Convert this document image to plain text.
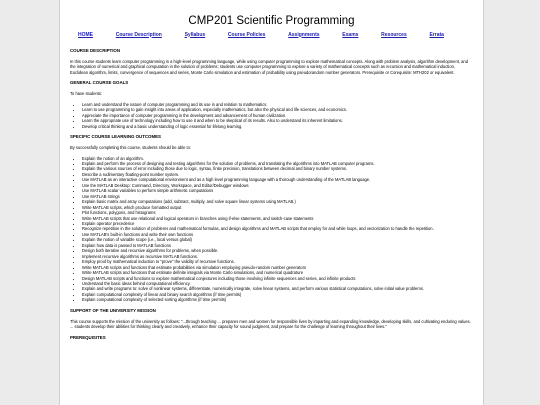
CMP201 Scientific Programming
HOME	Course Description	Syllabus	Course Policies	Assignments	Exams	Resources	Errata
COURSE DESCRIPTION

In this course students learn computer programming in a high-level programming language, while using computer programming to explore mathematical concepts. Along with problem analysis, algorithm development, and the integration of numerical and graphical computation in the solution of problems; students use computer programming to explore a variety of mathematical concepts such as recursion and mathematical induction, Euclidean algorithm, limits, convergence of sequences and series, Monte Carlo simulation and estimation of probability using pseudorandom number generators. Prerequisite or Corequisite: MTH202 or equivalent.

GENERAL COURSE GOALS

To have students:

• Learn and understand the nature of computer programming and its use in and relation to mathematics.
• Learn to use programming to gain insight into areas of application, especially mathematics, but also the physical and life sciences, and economics.
• Appreciate the importance of computer programming in the development and advancement of human civilization.
• Learn the appropriate use of technology including how to use it and when to be skeptical of its results. Also to understand its inherent limitations.
• Develop critical thinking and a basic understanding of logic essential for lifelong learning.
SPECIFIC COURSE LEARNING OUTCOMES

By successfully completing this course, students should be able to:

• Explain the notion of an algorithm.
• Explain and perform the process of designing and testing algorithms for the solution of problems, and translating the algorithms into MATLAB computer programs.
• Explain the various sources of error including those due to logic, syntax, finite precision, translations between decimal and binary number systems.
• Describe a rudimentary floating-point number system.
• Use MATLAB as an interactive computational environment and as a high level programming language with a thorough understanding of the MATLAB language.
• Use the MATLAB Desktop: Command, Directory, Workspace, and Editor/Debugger windows
• Use MATLAB scalar variables to perform simple arithmetic computations
• Use MATLAB strings
• Explain basic matrix and array computations (add, subtract, multiply, and solve square linear systems using MATLAB.)
• Write MATLAB scripts, which produce formatted output
• Plot functions, polygons, and histograms
• Write MATLAB scripts that use relational and logical operators in branches using if-else statements, and switch-case statements
• Explain operator precedence
• Recognize repetition in the solution of problems and mathematical formulas, and design algorithms and MATLAB scripts that employ for and while loops, and vectorization to handle the repetition.
• Use MATLAB's built-in functions and write their own functions
• Explain the notion of variable scope (i.e., local versus global)
• Explain how data is passed to MATLAB functions
• Design both iterative and recursive algorithms for problems, when possible.
• Implement recursive algorithms as recursive MATLAB functions.
• Employ proof by mathematical induction to "prove" the validity of recursive functions.
• Write MATLAB scripts and functions that estimate probabilities via simulation employing pseudo-random number generators
• Write MATLAB scripts and functions that estimate definite integrals via Monte Carlo simulations, and numerical quadrature
• Design MATLAB scripts and functions to explore mathematical conjectures including those involving infinite sequences and series, and infinite products
• Understand the basic ideas behind computational efficiency.
• Explain and write programs to: solve of nonlinear systems, differentiate, numerically integrate, solve linear systems, and perform various statistical computations, solve initial value problems.
• Explain computational complexity of linear and binary search algorithms (if time permits)
• Explain computational complexity of selected sorting algorithms (if time permits)
SUPPORT OF THE UNIVERSITY MISSION

This course supports the mission of the university as follows: "...through teaching ... prepares men and women for responsible lives by imparting and expanding knowledge, developing skills, and cultivating enduring values. ... students develop their abilities for thinking clearly and creatively, enhance their capacity for sound judgment, and prepare for the challenge of learning throughout their lives."

PREREQUISITES
